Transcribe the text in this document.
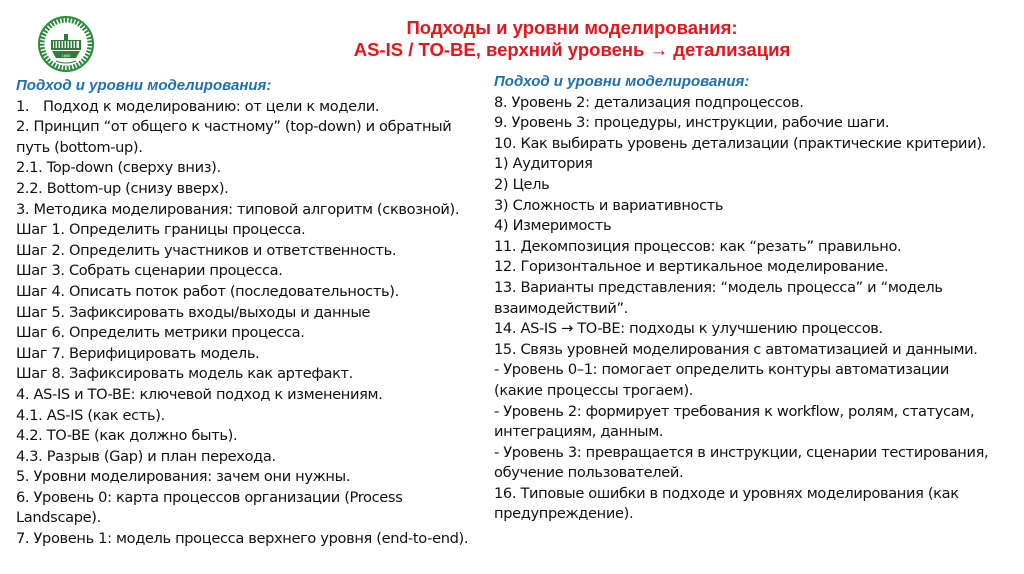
1865
Подходы и уровни моделирования:
AS-IS / TO-BE, верхний уровень → детализация
Подход и уровни моделирования:
1. Подход к моделированию: от цели к модели.
2. Принцип “от общего к частному” (top-down) и обратный путь (bottom-up).
2.1. Top-down (сверху вниз).
2.2. Bottom-up (снизу вверх).
3. Методика моделирования: типовой алгоритм (сквозной).
Шаг 1. Определить границы процесса.
Шаг 2. Определить участников и ответственность.
Шаг 3. Собрать сценарии процесса.
Шаг 4. Описать поток работ (последовательность).
Шаг 5. Зафиксировать входы/выходы и данные
Шаг 6. Определить метрики процесса.
Шаг 7. Верифицировать модель.
Шаг 8. Зафиксировать модель как артефакт.
4. AS-IS и TO-BE: ключевой подход к изменениям.
4.1. AS-IS (как есть).
4.2. TO-BE (как должно быть).
4.3. Разрыв (Gap) и план перехода.
5. Уровни моделирования: зачем они нужны.
6. Уровень 0: карта процессов организации (Process Landscape).
7. Уровень 1: модель процесса верхнего уровня (end-to-end).
Подход и уровни моделирования:
8. Уровень 2: детализация подпроцессов.
9. Уровень 3: процедуры, инструкции, рабочие шаги.
10. Как выбирать уровень детализации (практические критерии).
1) Аудитория
2) Цель
3) Сложность и вариативность
4) Измеримость
11. Декомпозиция процессов: как “резать” правильно.
12. Горизонтальное и вертикальное моделирование.
13. Варианты представления: “модель процесса” и “модель взаимодействий”.
14. AS-IS → TO-BE: подходы к улучшению процессов.
15. Связь уровней моделирования с автоматизацией и данными.
- Уровень 0–1: помогает определить контуры автоматизации (какие процессы трогаем).
- Уровень 2: формирует требования к workflow, ролям, статусам, интеграциям, данным.
- Уровень 3: превращается в инструкции, сценарии тестирования, обучение пользователей.
16. Типовые ошибки в подходе и уровнях моделирования (как предупреждение).
